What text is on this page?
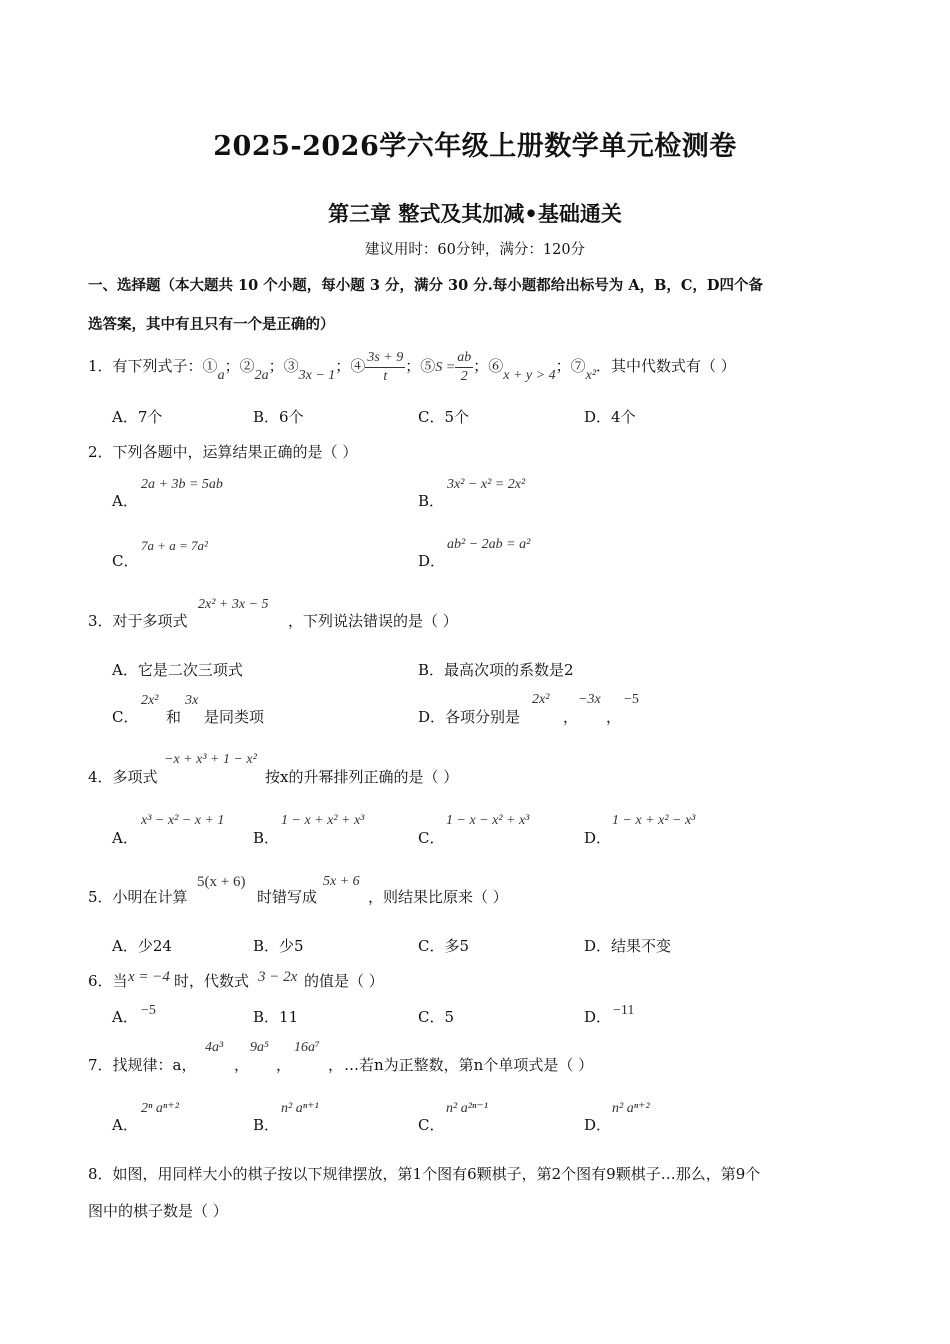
2025-2026学六年级上册数学单元检测卷
第三章 整式及其加减•基础通关
建议用时：60分钟，满分：120分
一、选择题（本大题共 10 个小题，每小题 3 分，满分 30 分.每小题都给出标号为 A，B，C，D四个备
选答案，其中有且只有一个是正确的）
1．有下列式子：①a；②2a；③3x − 1；④ $\frac{3s + 9}{t}$ ；⑤S = $\frac{ab}{2}$ ；⑥x + y > 4；⑦x²．其中代数式有（ ）
A．7个	B．6个	C．5个	D．4个
2．下列各题中，运算结果正确的是（ ）
A．
2a + 3b = 5ab
B．
3x² − x² = 2x²
C．
7a + a = 7a²
D．
ab² − 2ab = a²
3．对于多项式
2x² + 3x − 5
，下列说法错误的是（ ）
A．它是二次三项式	B．最高次项的系数是2
C．
2x²
和
3x
是同类项	D．各项分别是
2x²
，
−3x
，
−5
4．多项式
−x + x³ + 1 − x²
按x的升幂排列正确的是（ ）
A．
x³ − x² − x + 1
B．
1 − x + x² + x³
C．
1 − x − x² + x³
D．
1 − x + x² − x³
5．小明在计算
5(x + 6)
时错写成
5x + 6
，则结果比原来（ ）
A．少24	B．少5	C．多5	D．结果不变
6．当 x = −4 时，代数式 3 − 2x 的值是（ ）
A． −5	B．11	C．5	D． −11
7．找规律：a，
4a³
，
9a⁵
，
16a⁷
， …若n为正整数，第n个单项式是（ ）
A．
2ⁿ aⁿ⁺²
B．
n² aⁿ⁺¹
C．
n² a²ⁿ⁻¹
D．
n² aⁿ⁺²
8．如图，用同样大小的棋子按以下规律摆放，第1个图有6颗棋子，第2个图有9颗棋子…那么，第9个
图中的棋子数是（ ）
